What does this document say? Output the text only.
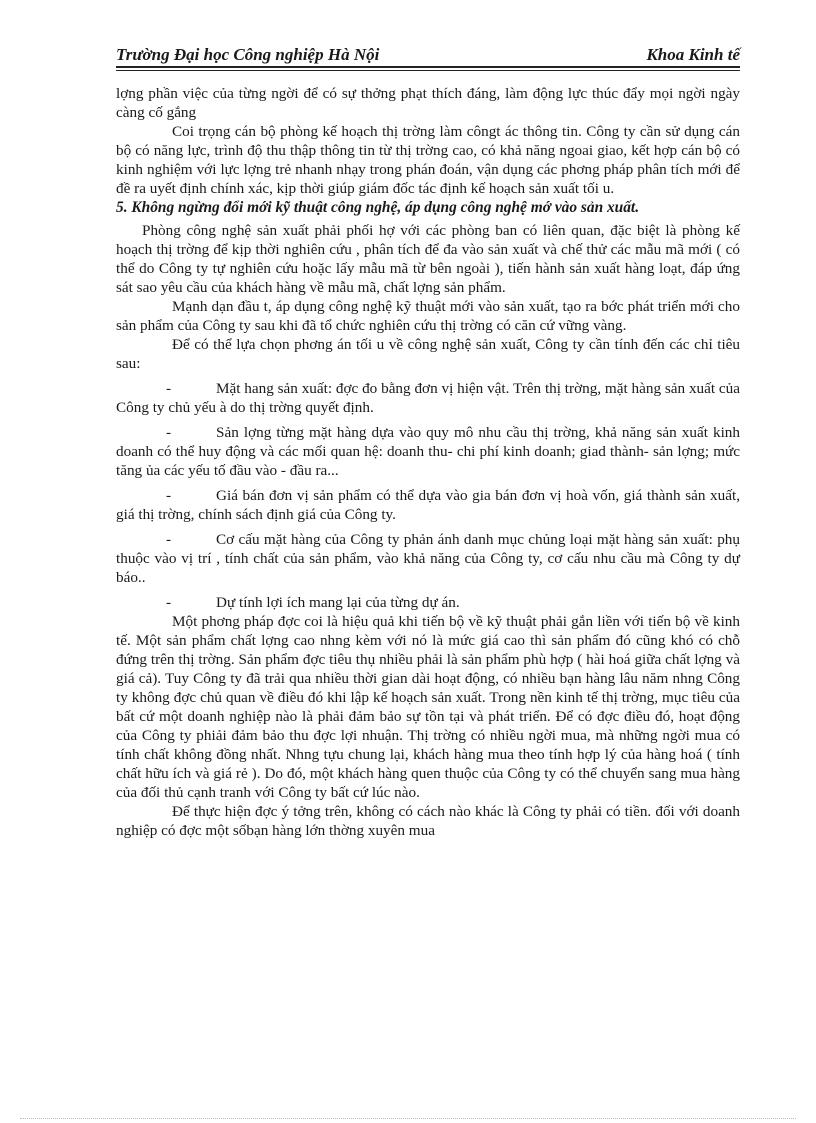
Trường Đại học Công nghiệp Hà Nội	Khoa Kinh tế

lợng phần việc của từng ngời để có sự thởng phạt thích đáng, làm động lực thúc đẩy mọi ngời ngày càng cố gắng

Coi trọng cán bộ phòng kế hoạch thị trờng làm côngt ác thông tin. Công ty cần sử dụng cán bộ có năng lực, trình độ thu thập thông tin từ thị trờng cao, có khả năng ngoai giao, kết hợp cán bộ có kinh nghiệm với lực lợng trẻ nhanh nhạy trong phán đoán, vận dụng các phơng pháp phân tích mới để đề ra uyết định chính xác, kịp thời giúp giám đốc tác định kế hoạch sản xuất tối u.

5. Không ngừng đổi mới kỹ thuật công nghệ, áp dụng công nghệ mớ vào sản xuất.

Phòng công nghệ sản xuất phải phối hợ với các phòng ban có liên quan, đặc biệt là phòng kế hoạch thị trờng để kịp thời nghiên cứu , phân tích để đa vào sản xuất và chế thử các mẫu mã mới ( có thể do Công ty tự nghiên cứu hoặc lấy mẫu mã từ bên ngoài ), tiến hành sản xuất hàng loạt, đáp ứng sát sao yêu cầu của khách hàng về mẫu mã, chất lợng sản phẩm.

Mạnh dạn đầu t, áp dụng công nghệ kỹ thuật mới vào sản xuất, tạo ra bớc phát triển mới cho sản phẩm của Công ty sau khi đã tổ chức nghiên cứu thị trờng có căn cứ vững vàng.

Để có thể lựa chọn phơng án tối u về công nghệ sản xuất, Công ty cần tính đến các chỉ tiêu sau:

-	Mặt hang sản xuất: đợc đo bằng đơn vị hiện vật. Trên thị trờng, mặt hàng sản xuất của Công ty chủ yếu à do thị trờng quyết định.

-	Sản lợng từng mặt hàng dựa vào quy mô nhu cầu thị trờng, khả năng sản xuất kinh doanh có thể huy động và các mối quan hệ: doanh thu- chi phí kinh doanh; giad thành- sản lợng; mức tăng ủa các yếu tố đầu vào - đầu ra...

-	Giá bán đơn vị sản phẩm có thể dựa vào gia bán đơn vị hoà vốn, giá thành sản xuất, giá thị trờng, chính sách định giá của Công ty.

-	Cơ cấu mặt hàng của Công ty phản ánh danh mục chủng loại mặt hàng sản xuất: phụ thuộc vào vị trí , tính chất của sản phẩm, vào khả năng của Công ty, cơ cấu nhu cầu mà Công ty dự báo..

-	Dự tính lợi ích mang lại của từng dự án.

Một phơng pháp đợc coi là hiệu quả khi tiến bộ về kỹ thuật phải gắn liền với tiến bộ về kinh tế. Một sản phẩm chất lợng cao nhng kèm với nó là mức giá cao thì sản phẩm đó cũng khó có chỗ đứng trên thị trờng. Sản phẩm đợc tiêu thụ nhiều phải là sản phẩm phù hợp ( hài hoá giữa chất lợng và giá cả). Tuy Công ty đã trải qua nhiều thời gian dài hoạt động, có nhiều bạn hàng lâu năm nhng Công ty không đợc chủ quan về điều đó khi lập kế hoạch sản xuất. Trong nền kinh tế thị trờng, mục tiêu của bất cứ một doanh nghiệp nào là phải đảm bảo sự tồn tại và phát triển. Để có đợc điều đó, hoạt động của Công ty phiải đảm bảo thu đợc lợi nhuận. Thị trờng có nhiều ngời mua, mà những ngời mua có tính chất không đồng nhất. Nhng tựu chung lại, khách hàng mua theo tính hợp lý của hàng hoá ( tính chất hữu ích và giá rẻ ). Do đó, một khách hàng quen thuộc của Công ty có thể chuyển sang mua hàng của đối thủ cạnh tranh với Công ty bất cứ lúc nào.

Để thực hiện đợc ý tởng trên, không có cách nào khác là Công ty phải có tiền. đối với doanh nghiệp có đợc một sốbạn hàng lớn thờng xuyên mua
